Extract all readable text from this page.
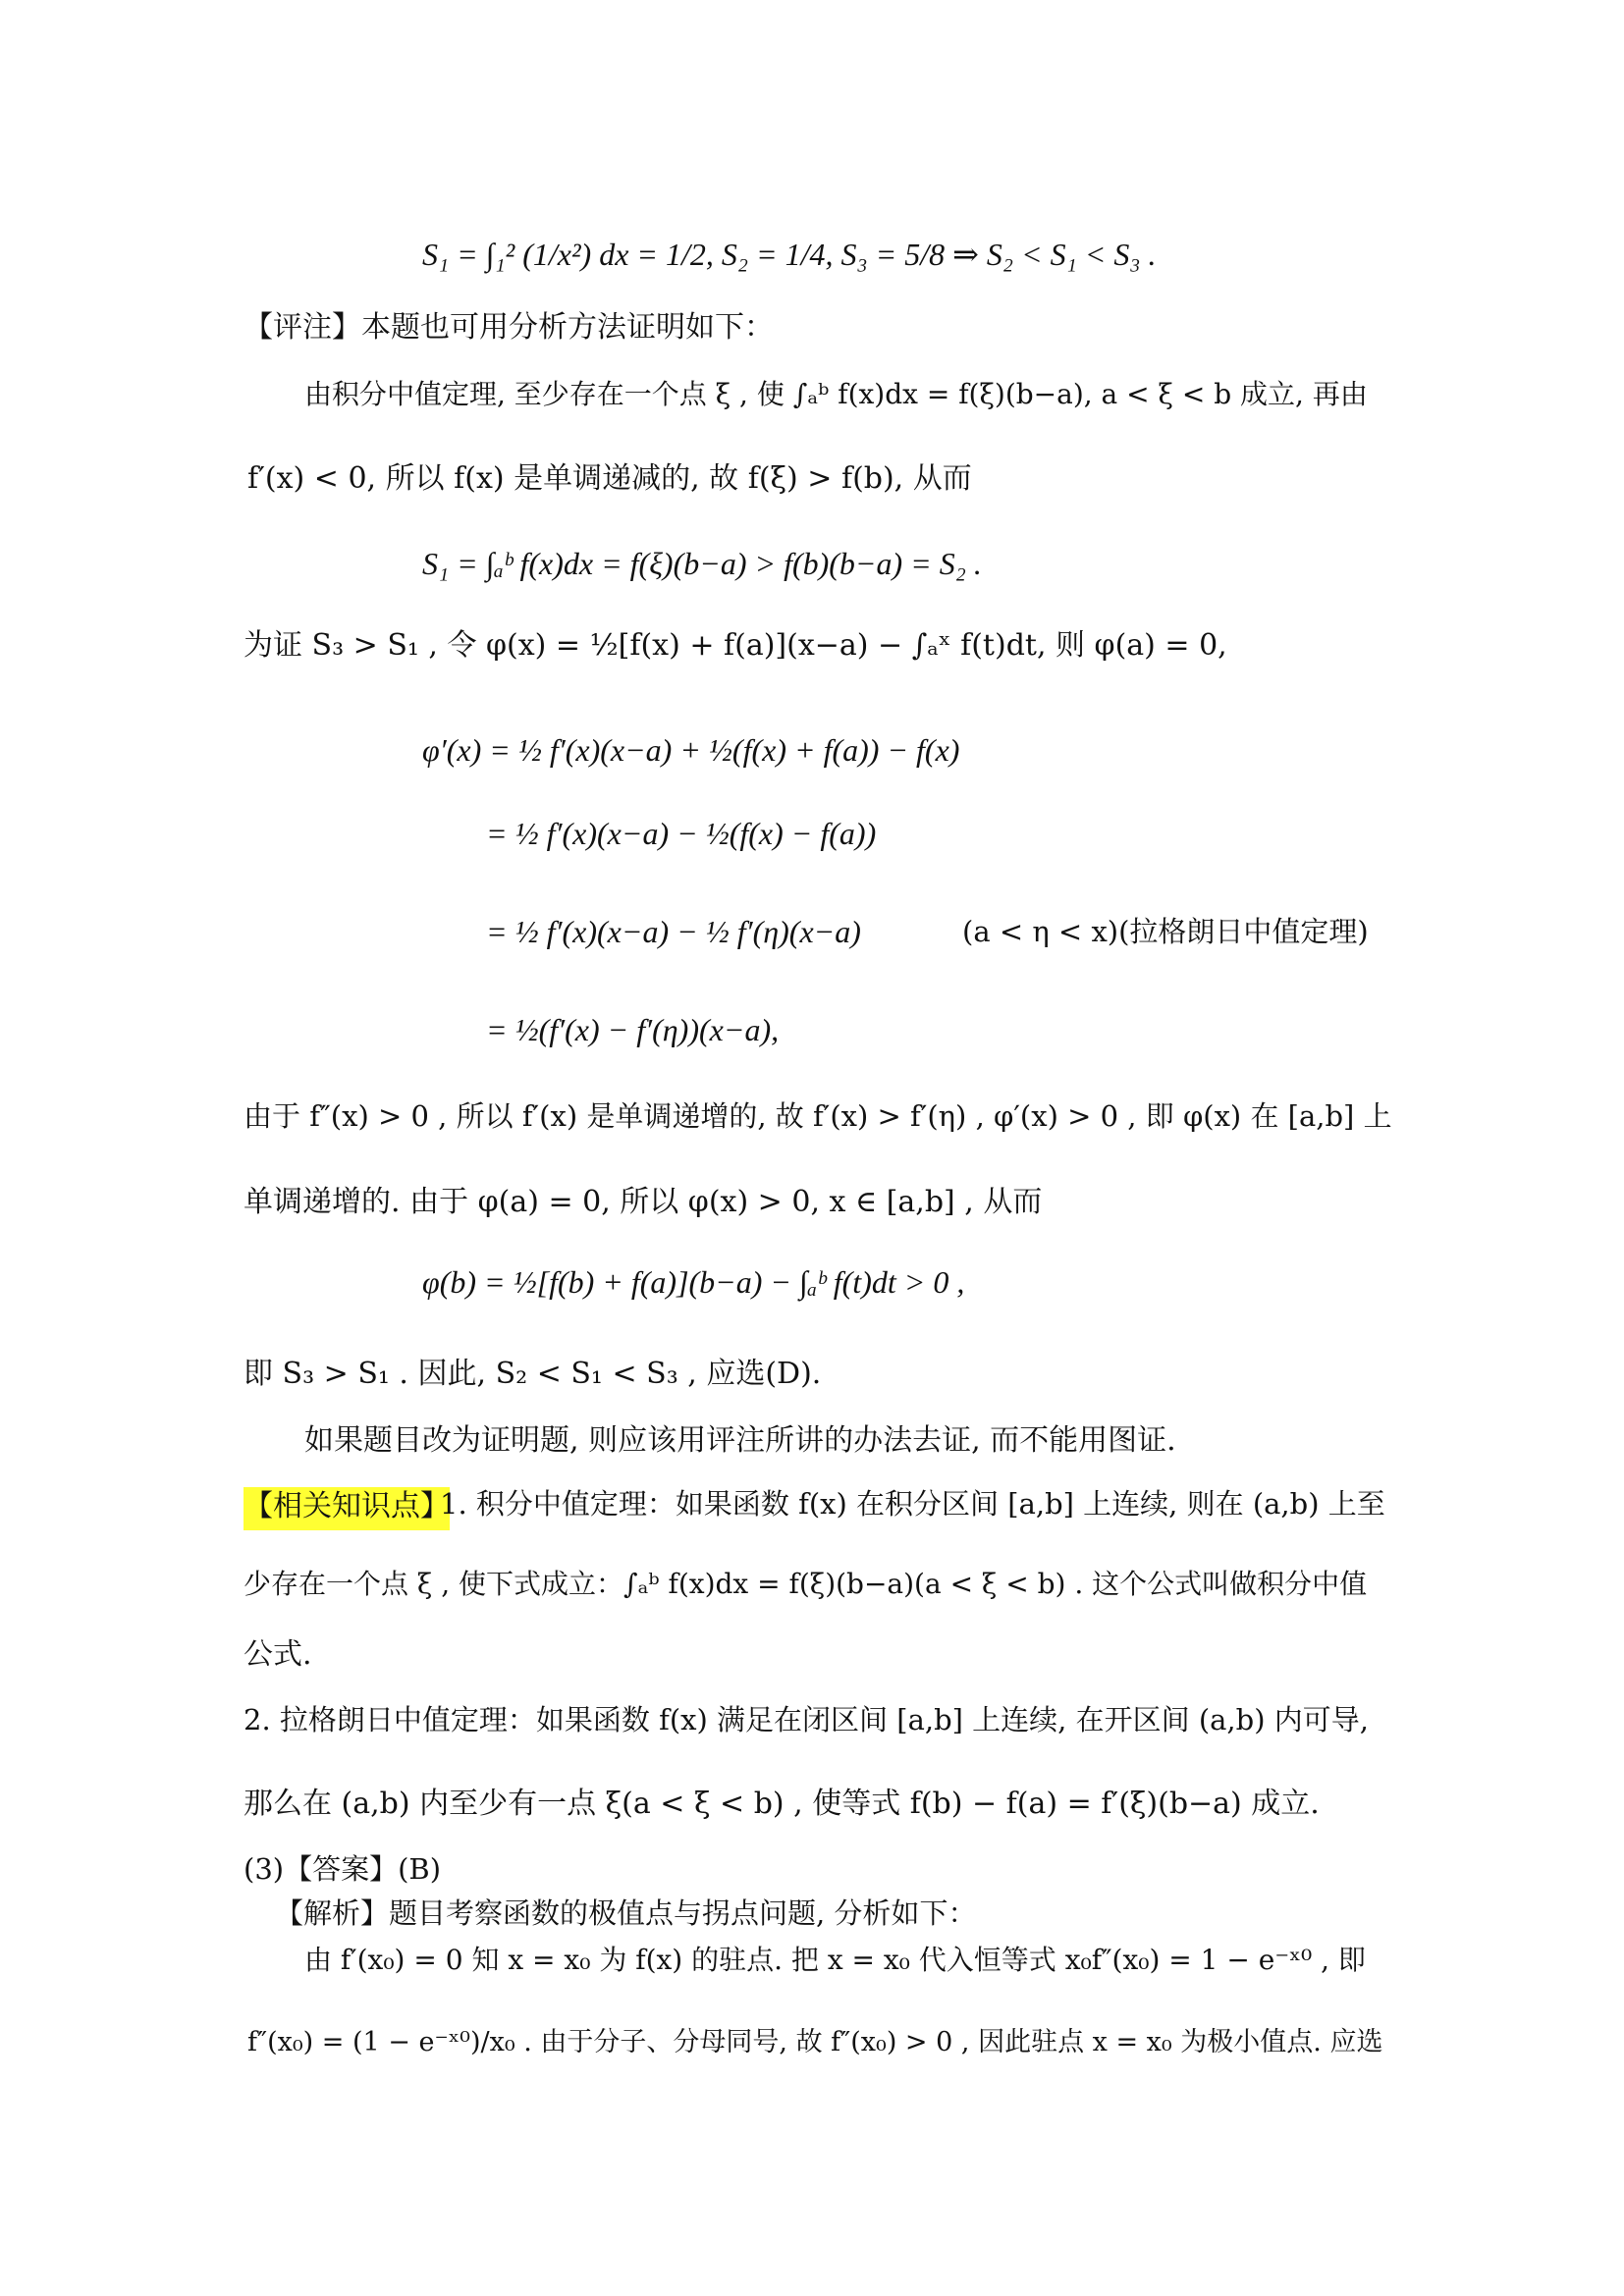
S₁ = ∫₁² (1/x²) dx = 1/2, S₂ = 1/4, S₃ = 5/8 ⇒ S₂ < S₁ < S₃ .
【评注】本题也可用分析方法证明如下：
由积分中值定理, 至少存在一个点 ξ , 使 ∫ₐᵇ f(x)dx = f(ξ)(b−a), a < ξ < b 成立, 再由
f′(x) < 0, 所以 f(x) 是单调递减的, 故 f(ξ) > f(b), 从而
S₁ = ∫ₐᵇ f(x)dx = f(ξ)(b−a) > f(b)(b−a) = S₂ .
为证 S₃ > S₁ , 令 φ(x) = ½[f(x) + f(a)](x−a) − ∫ₐˣ f(t)dt, 则 φ(a) = 0,
φ′(x) = ½ f′(x)(x−a) + ½(f(x) + f(a)) − f(x)
= ½ f′(x)(x−a) − ½(f(x) − f(a))
= ½ f′(x)(x−a) − ½ f′(η)(x−a)	(a < η < x)(拉格朗日中值定理)
= ½(f′(x) − f′(η))(x−a),
由于 f″(x) > 0 , 所以 f′(x) 是单调递增的, 故 f′(x) > f′(η) , φ′(x) > 0 , 即 φ(x) 在 [a,b] 上
单调递增的. 由于 φ(a) = 0, 所以 φ(x) > 0, x ∈ [a,b] , 从而
φ(b) = ½[f(b) + f(a)](b−a) − ∫ₐᵇ f(t)dt > 0 ,
即 S₃ > S₁ . 因此, S₂ < S₁ < S₃ , 应选(D).
如果题目改为证明题, 则应该用评注所讲的办法去证, 而不能用图证.
【相关知识点】
1. 积分中值定理：如果函数 f(x) 在积分区间 [a,b] 上连续, 则在 (a,b) 上至
少存在一个点 ξ , 使下式成立：∫ₐᵇ f(x)dx = f(ξ)(b−a)(a < ξ < b) . 这个公式叫做积分中值
公式.
2. 拉格朗日中值定理：如果函数 f(x) 满足在闭区间 [a,b] 上连续, 在开区间 (a,b) 内可导,
那么在 (a,b) 内至少有一点 ξ(a < ξ < b) , 使等式 f(b) − f(a) = f′(ξ)(b−a) 成立.
(3)【答案】(B)
【解析】题目考察函数的极值点与拐点问题, 分析如下：
由 f′(x₀) = 0 知 x = x₀ 为 f(x) 的驻点. 把 x = x₀ 代入恒等式 x₀f″(x₀) = 1 − e⁻ˣ⁰ , 即
f″(x₀) = (1 − e⁻ˣ⁰)/x₀ . 由于分子、分母同号, 故 f″(x₀) > 0 , 因此驻点 x = x₀ 为极小值点. 应选
